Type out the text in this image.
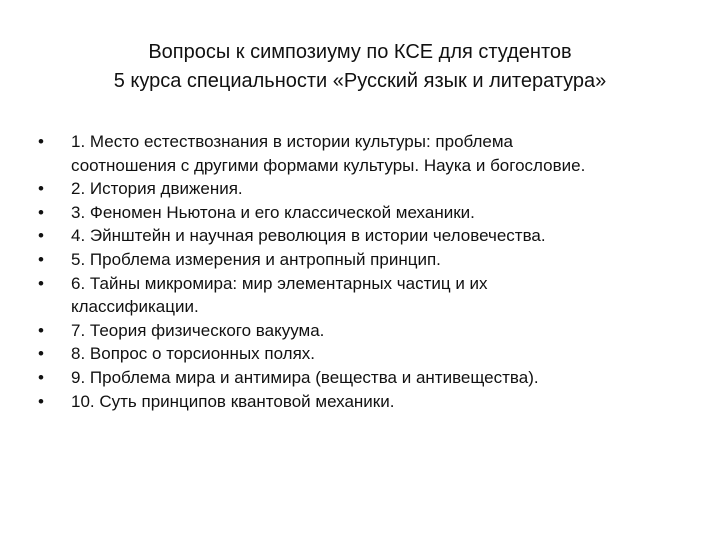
Вопросы к симпозиуму по КСЕ для студентов
5 курса специальности «Русский язык и литература»
•	1. Место естествознания в истории культуры: проблема
соотношения с другими формами культуры. Наука и богословие.
•	2. История движения.
•	3. Феномен Ньютона и его классической механики.
•	4. Эйнштейн и научная революция в истории человечества.
•	5. Проблема измерения и антропный принцип.
•	6. Тайны микромира: мир элементарных частиц и их
классификации.
•	7. Теория физического вакуума.
•	8. Вопрос о торсионных полях.
•	9. Проблема мира и антимира (вещества и антивещества).
•	10. Суть принципов квантовой механики.
